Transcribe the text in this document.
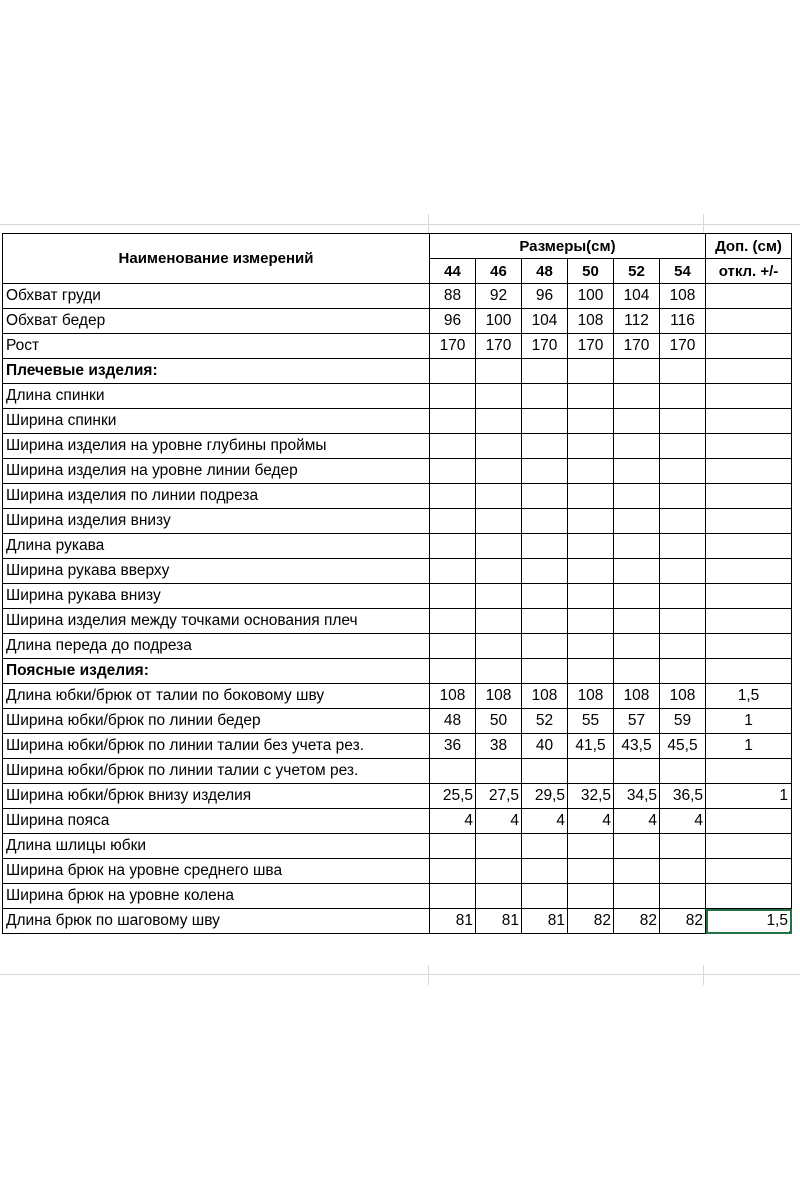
Наименование измерений	Размеры(см)						Доп. (см)
	44	46	48	50	52	54	откл. +/-
Обхват груди	88	92	96	100	104	108	
Обхват бедер	96	100	104	108	112	116	
Рост	170	170	170	170	170	170	
Плечевые изделия:							
Длина спинки							
Ширина спинки							
Ширина изделия на уровне глубины проймы							
Ширина изделия на уровне линии бедер							
Ширина изделия по линии подреза							
Ширина изделия внизу							
Длина рукава							
Ширина рукава вверху							
Ширина рукава внизу							
Ширина изделия между точками основания плеч							
Длина переда до подреза							
Поясные изделия:							
Длина юбки/брюк от талии по боковому шву	108	108	108	108	108	108	1,5
Ширина юбки/брюк по линии бедер	48	50	52	55	57	59	1
Ширина юбки/брюк по линии талии без учета рез.	36	38	40	41,5	43,5	45,5	1
Ширина юбки/брюк по линии талии с учетом рез.							
Ширина юбки/брюк внизу изделия	25,5	27,5	29,5	32,5	34,5	36,5	1
Ширина пояса	4	4	4	4	4	4	
Длина шлицы юбки							
Ширина брюк на уровне среднего шва							
Ширина брюк на уровне колена							
Длина брюк по шаговому шву	81	81	81	82	82	82	1,5
